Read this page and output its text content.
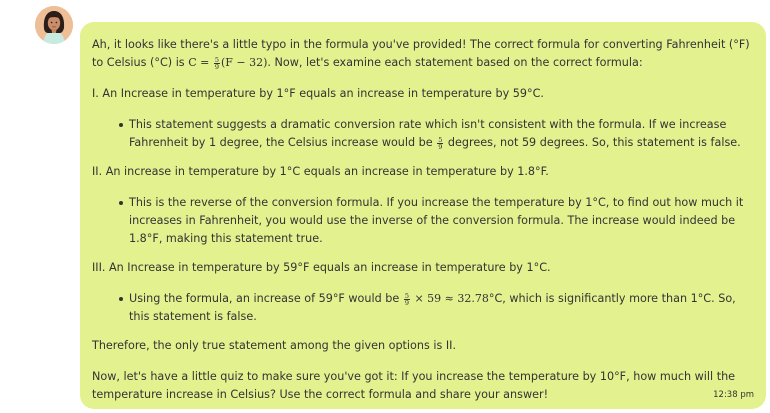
Ah, it looks like there's a little typo in the formula you've provided! The correct formula for converting Fahrenheit (°F) to Celsius (°C) is $C = \frac{5}{9} (F - 32)$. Now, let's examine each statement based on the correct formula:

I. An Increase in temperature by 1°F equals an increase in temperature by 59°C.

This statement suggests a dramatic conversion rate which isn't consistent with the formula. If we increase Fahrenheit by 1 degree, the Celsius increase would be $\frac{5}{9}$ degrees, not 59 degrees. So, this statement is false.

II. An increase in temperature by 1°C equals an increase in temperature by 1.8°F.

This is the reverse of the conversion formula. If you increase the temperature by 1°C, to find out how much it increases in Fahrenheit, you would use the inverse of the conversion formula. The increase would indeed be 1.8°F, making this statement true.

III. An Increase in temperature by 59°F equals an increase in temperature by 1°C.

Using the formula, an increase of 59°F would be $\frac{5}{9} \times 59 \approx 32.78^\circ C$, which is significantly more than 1°C. So, this statement is false.

Therefore, the only true statement among the given options is II.

Now, let's have a little quiz to make sure you've got it: If you increase the temperature by 10°F, how much will the temperature increase in Celsius? Use the correct formula and share your answer!	12:38 pm
